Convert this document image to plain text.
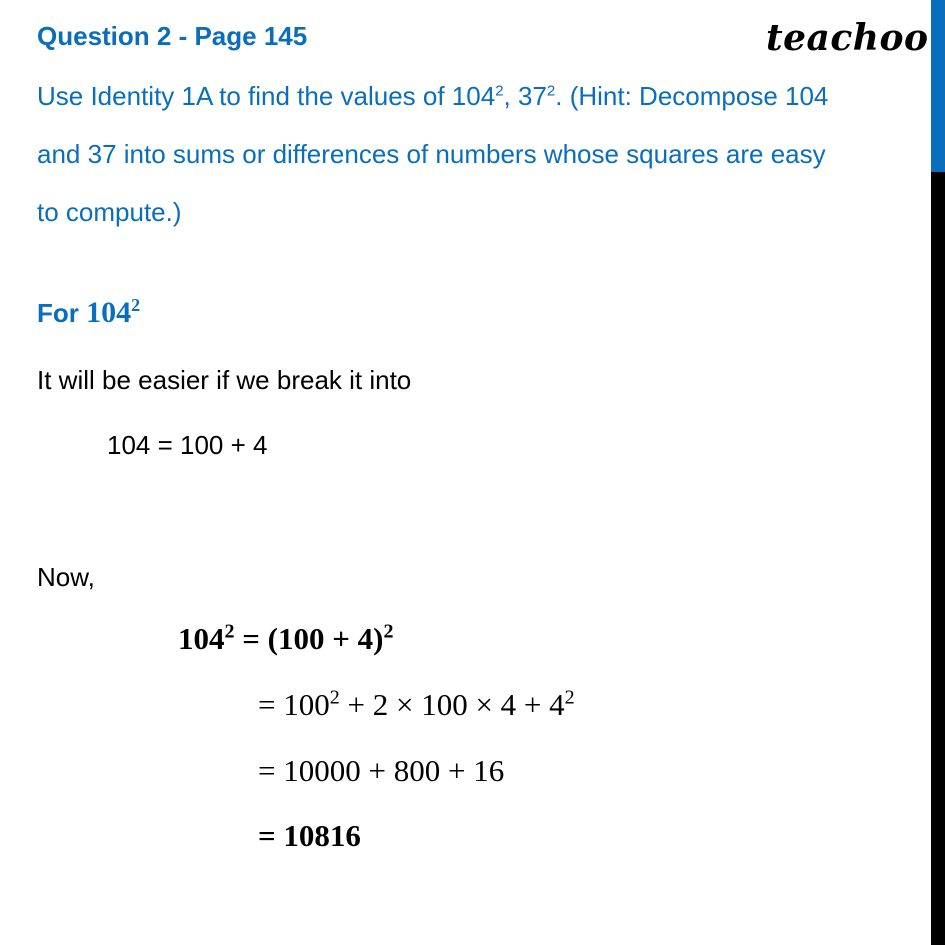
Question 2 - Page 145	teachoo
Use Identity 1A to find the values of $104^2$, $37^2$. (Hint: Decompose 104
and 37 into sums or differences of numbers whose squares are easy
to compute.)
For $104^2$
It will be easier if we break it into
104 = 100 + 4
Now,
$104^2 = (100 + 4)^2$
= $100^2 + 2 \times 100 \times 4 + 4^2$
= 10000 + 800 + 16
= 10816
